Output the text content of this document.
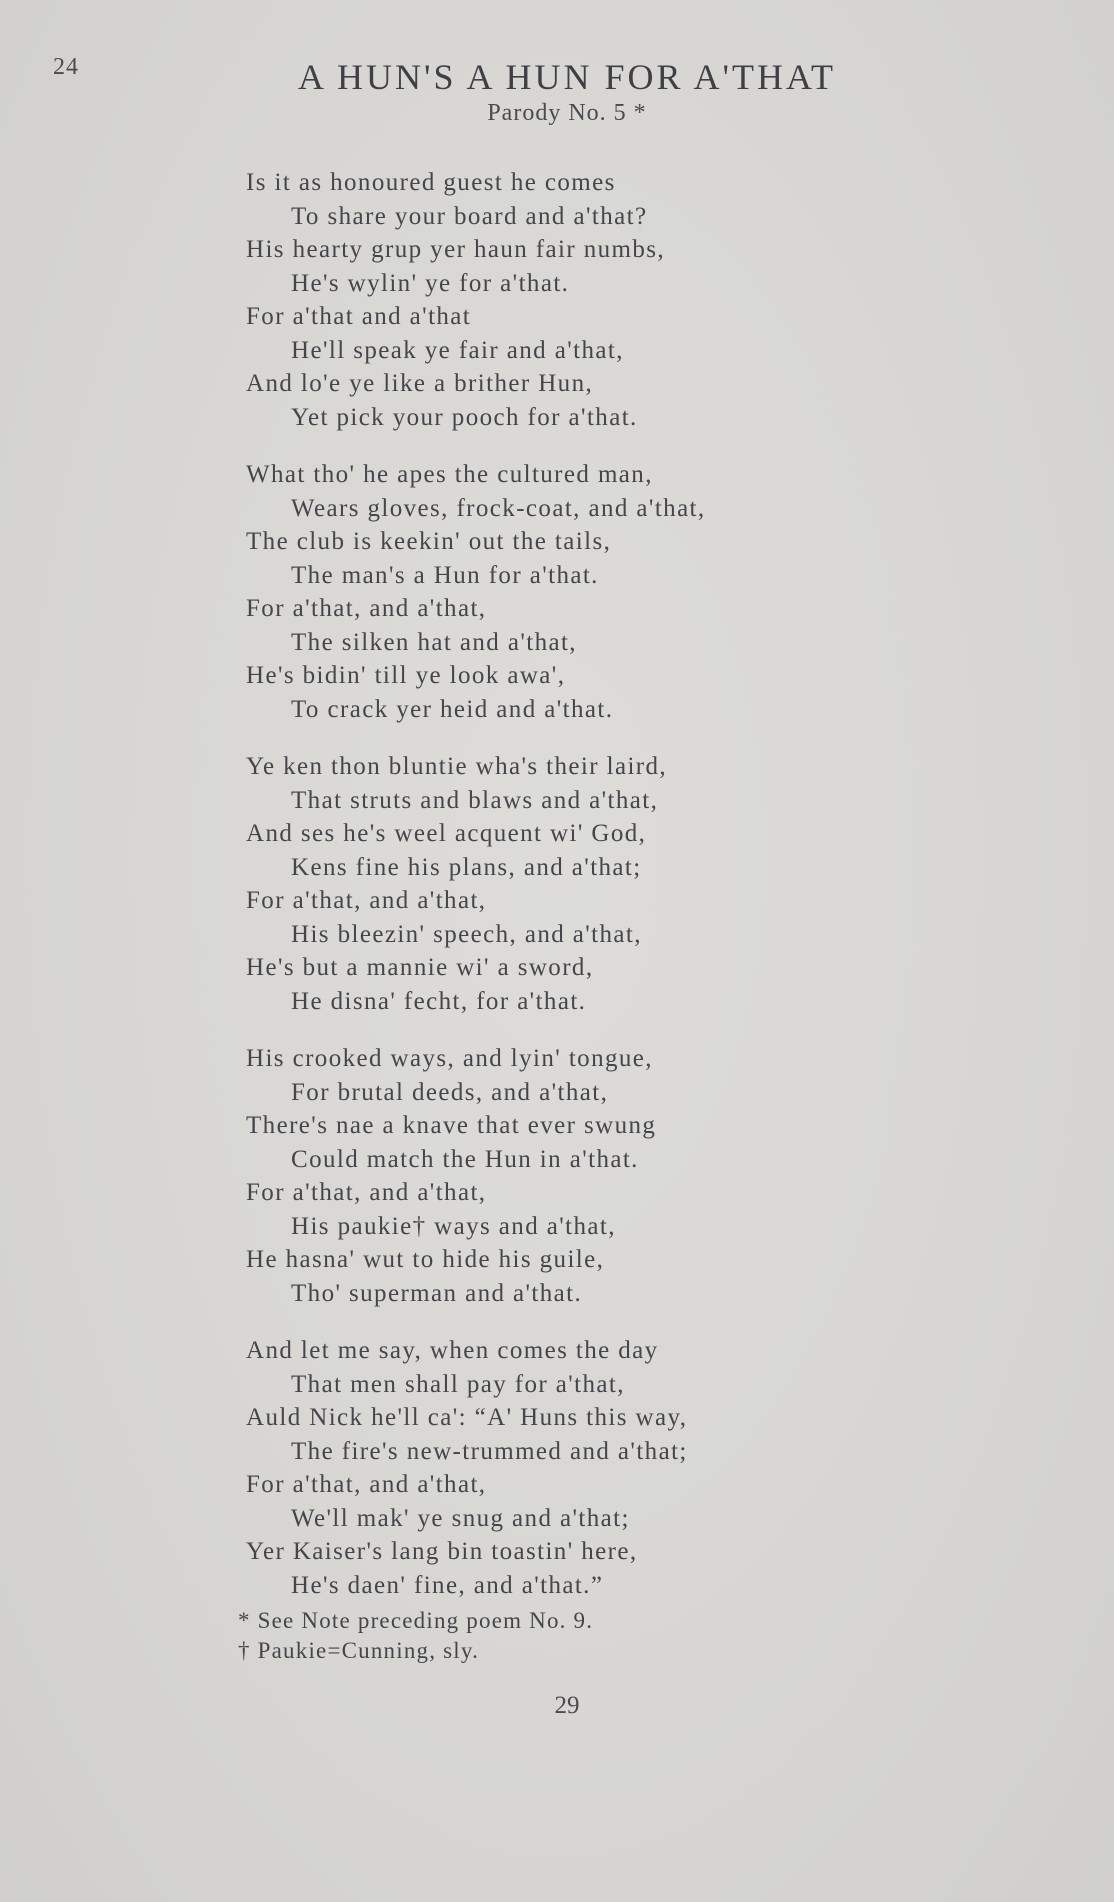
24	A HUN'S A HUN FOR A'THAT
Parody No. 5 *
Is it as honoured guest he comes
To share your board and a'that?
His hearty grup yer haun fair numbs,
He's wylin' ye for a'that.
For a'that and a'that
He'll speak ye fair and a'that,
And lo'e ye like a brither Hun,
Yet pick your pooch for a'that.
What tho' he apes the cultured man,
Wears gloves, frock-coat, and a'that,
The club is keekin' out the tails,
The man's a Hun for a'that.
For a'that, and a'that,
The silken hat and a'that,
He's bidin' till ye look awa',
To crack yer heid and a'that.
Ye ken thon bluntie wha's their laird,
That struts and blaws and a'that,
And ses he's weel acquent wi' God,
Kens fine his plans, and a'that;
For a'that, and a'that,
His bleezin' speech, and a'that,
He's but a mannie wi' a sword,
He disna' fecht, for a'that.
His crooked ways, and lyin' tongue,
For brutal deeds, and a'that,
There's nae a knave that ever swung
Could match the Hun in a'that.
For a'that, and a'that,
His paukie† ways and a'that,
He hasna' wut to hide his guile,
Tho' superman and a'that.
And let me say, when comes the day
That men shall pay for a'that,
Auld Nick he'll ca': “A' Huns this way,
The fire's new-trummed and a'that;
For a'that, and a'that,
We'll mak' ye snug and a'that;
Yer Kaiser's lang bin toastin' here,
He's daen' fine, and a'that.”
* See Note preceding poem No. 9.
† Paukie=Cunning, sly.
29
